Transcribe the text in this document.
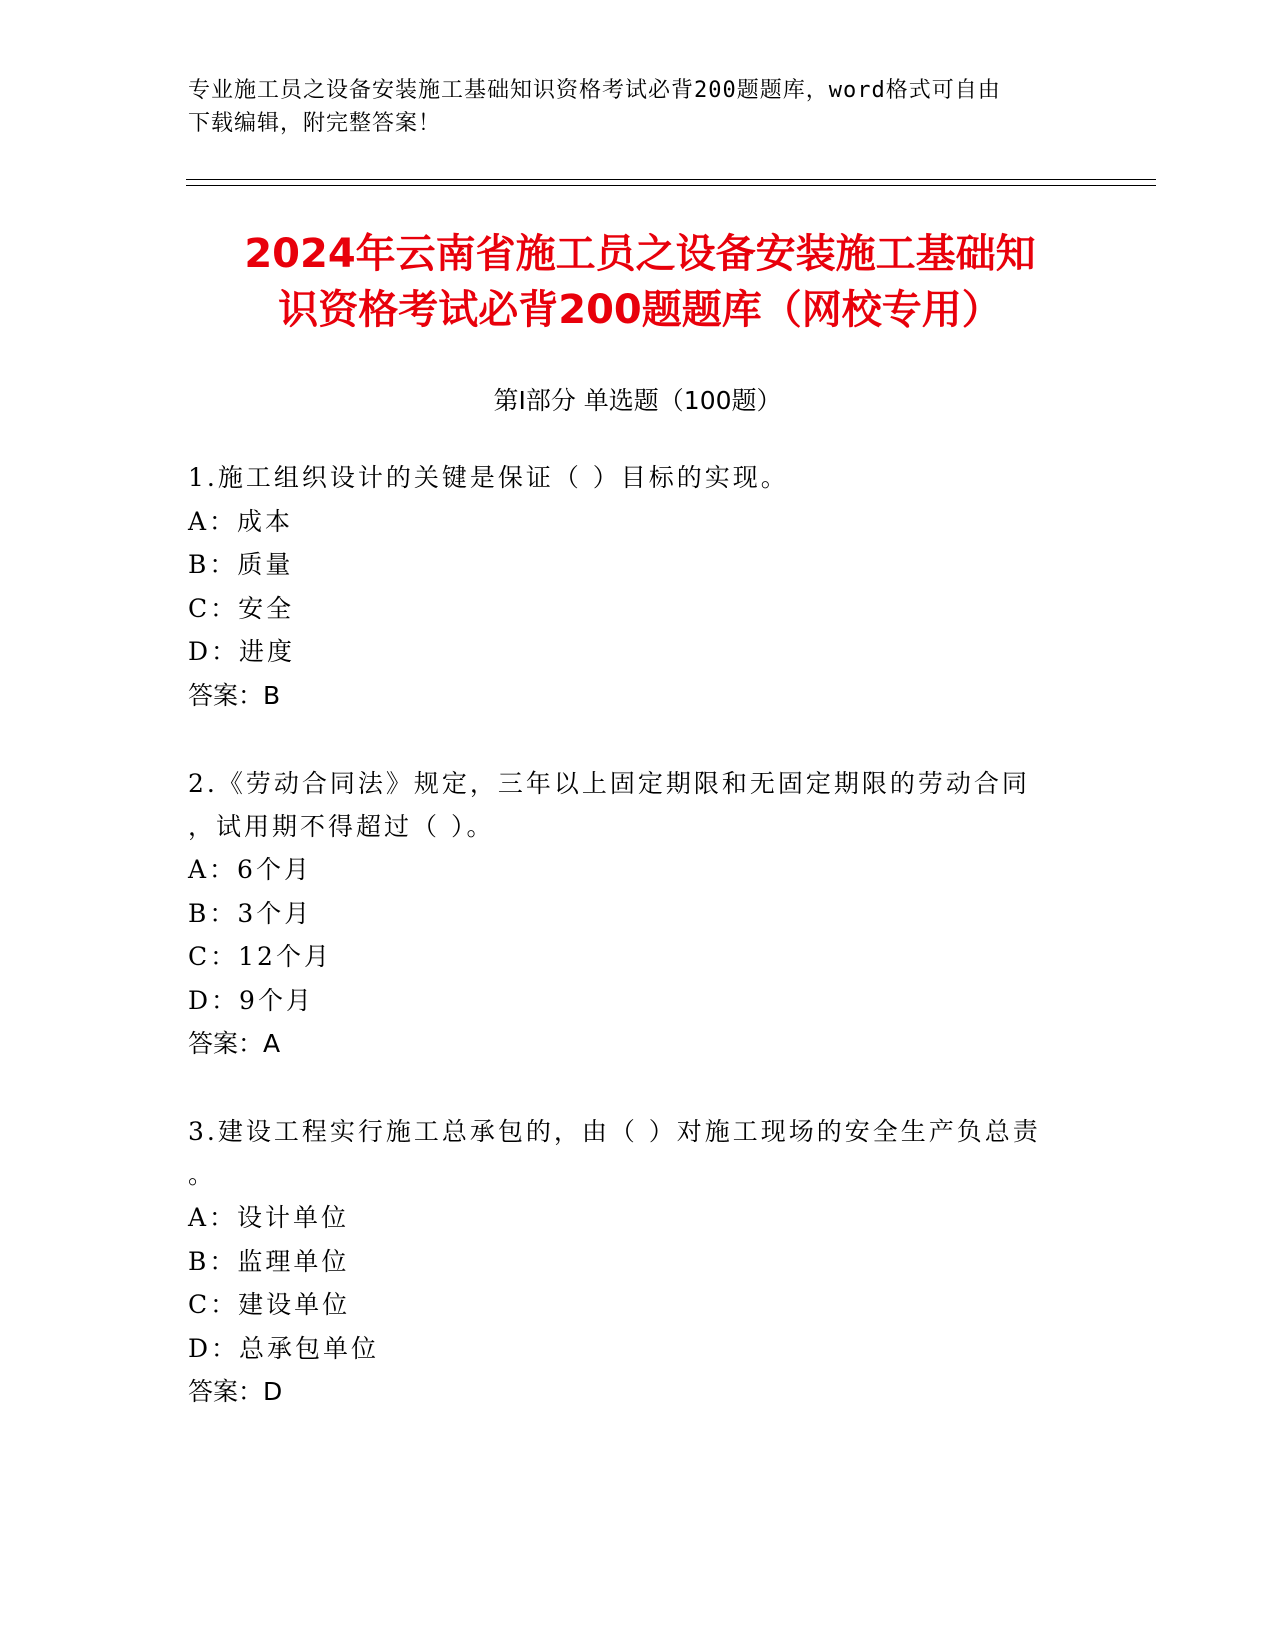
专业施工员之设备安装施工基础知识资格考试必背200题题库，word格式可自由
下载编辑，附完整答案！
2024年云南省施工员之设备安装施工基础知
识资格考试必背200题题库（网校专用）
第Ⅰ部分 单选题（100题）
1.施工组织设计的关键是保证（ ）目标的实现。
A：成本
B：质量
C：安全
D：进度
答案：B
2.《劳动合同法》规定，三年以上固定期限和无固定期限的劳动合同
，试用期不得超过（ ）。
A：6个月
B：3个月
C：12个月
D：9个月
答案：A
3.建设工程实行施工总承包的，由（ ）对施工现场的安全生产负总责
。
A：设计单位
B：监理单位
C：建设单位
D：总承包单位
答案：D
